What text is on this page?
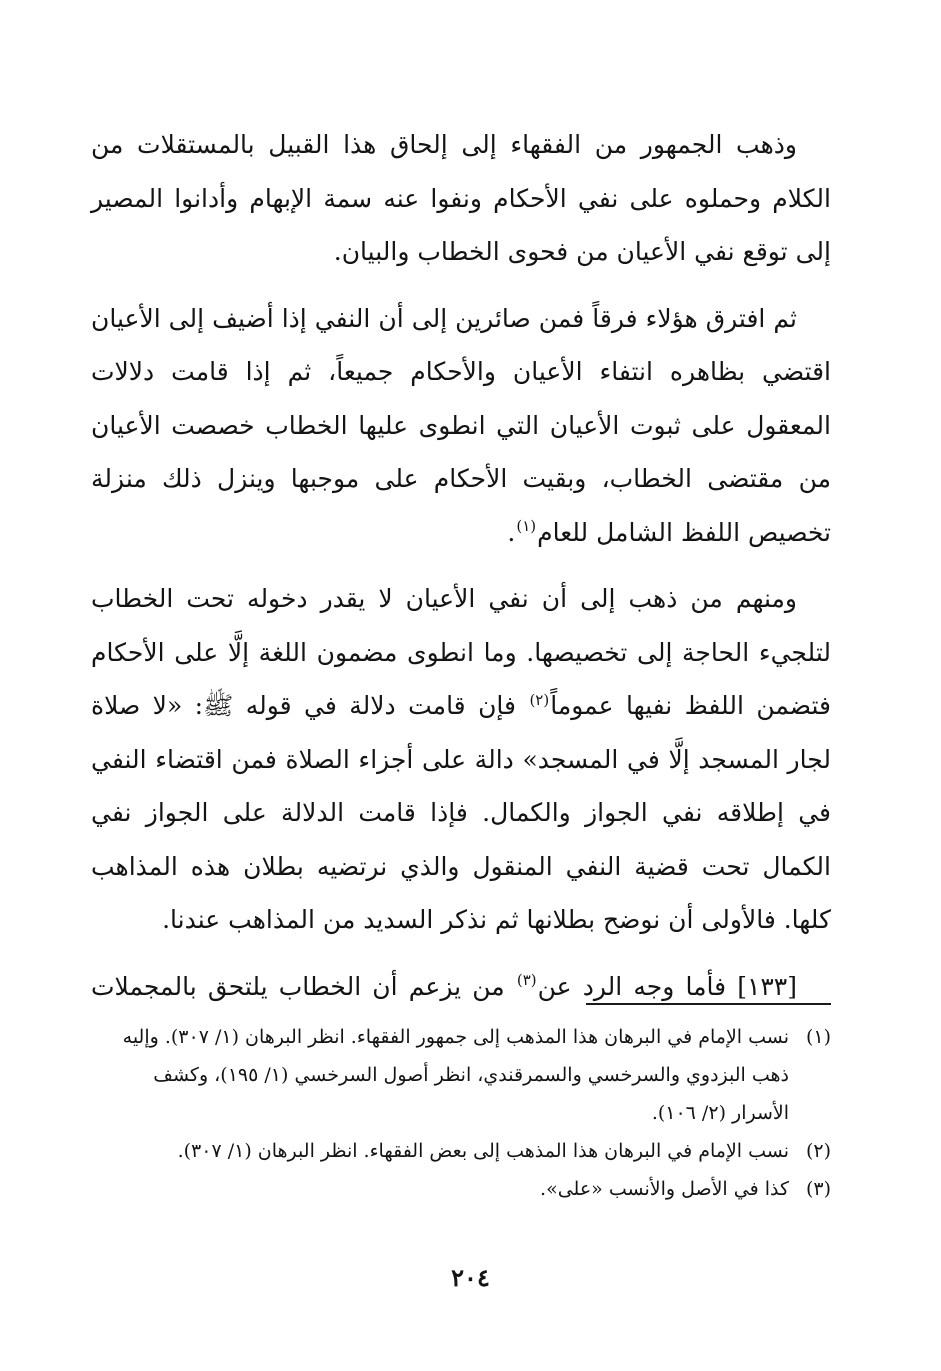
وذهب الجمهور من الفقهاء إلى إلحاق هذا القبيل بالمستقلات من الكلام وحملوه على نفي الأحكام ونفوا عنه سمة الإبهام وأدانوا المصير إلى توقع نفي الأعيان من فحوى الخطاب والبيان.

ثم افترق هؤلاء فرقاً فمن صائرين إلى أن النفي إذا أضيف إلى الأعيان اقتضي بظاهره انتفاء الأعيان والأحكام جميعاً، ثم إذا قامت دلالات المعقول على ثبوت الأعيان التي انطوى عليها الخطاب خصصت الأعيان من مقتضى الخطاب، وبقيت الأحكام على موجبها وينزل ذلك منزلة تخصيص اللفظ الشامل للعام$^{(١)}$.

ومنهم من ذهب إلى أن نفي الأعيان لا يقدر دخوله تحت الخطاب لتلجيء الحاجة إلى تخصيصها. وما انطوى مضمون اللغة إلَّا على الأحكام فتضمن اللفظ نفيها عموماً$^{(٢)}$ فإن قامت دلالة في قوله ﷺ: «لا صلاة لجار المسجد إلَّا في المسجد» دالة على أجزاء الصلاة فمن اقتضاء النفي في إطلاقه نفي الجواز والكمال. فإذا قامت الدلالة على الجواز نفي الكمال تحت قضية النفي المنقول والذي نرتضيه بطلان هذه المذاهب كلها. فالأولى أن نوضح بطلانها ثم نذكر السديد من المذاهب عندنا.

[١٣٣] فأما وجه الرد عن$^{(٣)}$ من يزعم أن الخطاب يلتحق بالمجملات

(١)
نسب الإمام في البرهان هذا المذهب إلى جمهور الفقهاء. انظر البرهان (١/ ٣٠٧). وإليه ذهب البزدوي والسرخسي والسمرقندي، انظر أصول السرخسي (١/ ١٩٥)، وكشف الأسرار (٢/ ١٠٦).
(٢)
نسب الإمام في البرهان هذا المذهب إلى بعض الفقهاء. انظر البرهان (١/ ٣٠٧).
(٣)
كذا في الأصل والأنسب «على».
٢٠٤
